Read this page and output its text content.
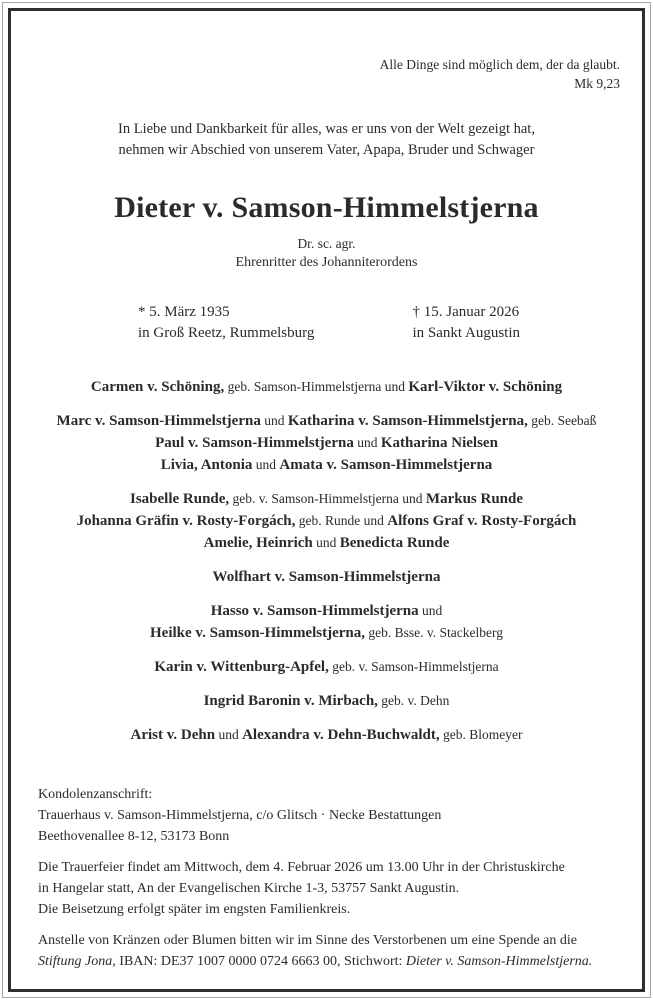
Alle Dinge sind möglich dem, der da glaubt.
Mk 9,23
In Liebe und Dankbarkeit für alles, was er uns von der Welt gezeigt hat,
nehmen wir Abschied von unserem Vater, Apapa, Bruder und Schwager
Dieter v. Samson-Himmelstjerna
Dr. sc. agr.
Ehrenritter des Johanniterordens
* 5. März 1935
in Groß Reetz, Rummelsburg
† 15. Januar 2026
in Sankt Augustin
Carmen v. Schöning, geb. Samson-Himmelstjerna und Karl-Viktor v. Schöning
Marc v. Samson-Himmelstjerna und Katharina v. Samson-Himmelstjerna, geb. Seebaß
Paul v. Samson-Himmelstjerna und Katharina Nielsen
Livia, Antonia und Amata v. Samson-Himmelstjerna
Isabelle Runde, geb. v. Samson-Himmelstjerna und Markus Runde
Johanna Gräfin v. Rosty-Forgách, geb. Runde und Alfons Graf v. Rosty-Forgách
Amelie, Heinrich und Benedicta Runde
Wolfhart v. Samson-Himmelstjerna
Hasso v. Samson-Himmelstjerna und
Heilke v. Samson-Himmelstjerna, geb. Bsse. v. Stackelberg
Karin v. Wittenburg-Apfel, geb. v. Samson-Himmelstjerna
Ingrid Baronin v. Mirbach, geb. v. Dehn
Arist v. Dehn und Alexandra v. Dehn-Buchwaldt, geb. Blomeyer
Kondolenzanschrift:
Trauerhaus v. Samson-Himmelstjerna, c/o Glitsch · Necke Bestattungen
Beethovenallee 8-12, 53173 Bonn
Die Trauerfeier findet am Mittwoch, dem 4. Februar 2026 um 13.00 Uhr in der Christuskirche
in Hangelar statt, An der Evangelischen Kirche 1-3, 53757 Sankt Augustin.
Die Beisetzung erfolgt später im engsten Familienkreis.
Anstelle von Kränzen oder Blumen bitten wir im Sinne des Verstorbenen um eine Spende an die Stiftung Jona, IBAN: DE37 1007 0000 0724 6663 00, Stichwort: Dieter v. Samson-Himmelstjerna.
